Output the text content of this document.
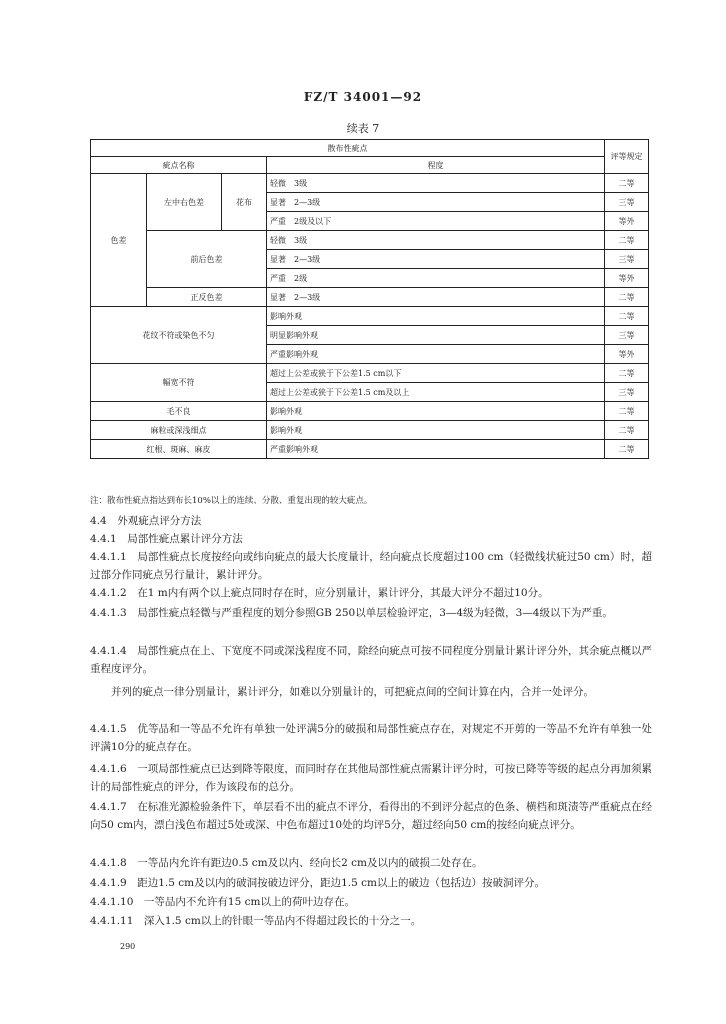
FZ/T 34001—92
续表 7
散布性疵点				评等规定
疵点名称			程度	
色差	左中右色差	花布	轻微　3级	二等
			显著　2—3级	三等
			严重　2级及以下	等外
	前后色差		轻微　3级	二等
			显著　2—3级	三等
			严重　2级	等外
	正反色差		显著　2—3级	二等
花纹不符或染色不匀			影响外观	二等
			明显影响外观	三等
			严重影响外观	等外
幅宽不符			超过上公差或狭于下公差1.5 cm以下	二等
			超过上公差或狭于下公差1.5 cm及以上	三等
毛不良			影响外观	二等
麻粒或深浅细点			影响外观	二等
红根、斑麻、麻皮			严重影响外观	二等
注：散布性疵点指达到布长10%以上的连续、分散、重复出现的较大疵点。
4.4　外观疵点评分方法
4.4.1　局部性疵点累计评分方法
4.4.1.1　局部性疵点长度按经向或纬向疵点的最大长度量计，经向疵点长度超过100 cm（轻微线状疵过50 cm）时，超过部分作同疵点另行量计，累计评分。
4.4.1.2　在1 m内有两个以上疵点同时存在时，应分别量计，累计评分，其最大评分不超过10分。
4.4.1.3　局部性疵点轻微与严重程度的划分参照GB 250以单层检验评定，3—4级为轻微，3—4级以下为严重。
4.4.1.4　局部性疵点在上、下宽度不同或深浅程度不同，除经向疵点可按不同程度分别量计累计评分外，其余疵点概以严重程度评分。
并列的疵点一律分别量计，累计评分，如难以分别量计的，可把疵点间的空间计算在内，合并一处评分。
4.4.1.5　优等品和一等品不允许有单独一处评满5分的破损和局部性疵点存在，对规定不开剪的一等品不允许有单独一处评满10分的疵点存在。
4.4.1.6　一项局部性疵点已达到降等限度，而同时存在其他局部性疵点需累计评分时，可按已降等等级的起点分再加须累计的局部性疵点的评分，作为该段布的总分。
4.4.1.7　在标准光源检验条件下，单层看不出的疵点不评分，看得出的不到评分起点的色条、横档和斑渍等严重疵点在经向50 cm内，漂白浅色布超过5处或深、中色布超过10处的均评5分，超过经向50 cm的按经向疵点评分。
4.4.1.8　一等品内允许有距边0.5 cm及以内、经向长2 cm及以内的破损二处存在。
4.4.1.9　距边1.5 cm及以内的破洞按破边评分，距边1.5 cm以上的破边（包括边）按破洞评分。
4.4.1.10　一等品内不允许有15 cm以上的荷叶边存在。
4.4.1.11　深入1.5 cm以上的针眼一等品内不得超过段长的十分之一。
290
